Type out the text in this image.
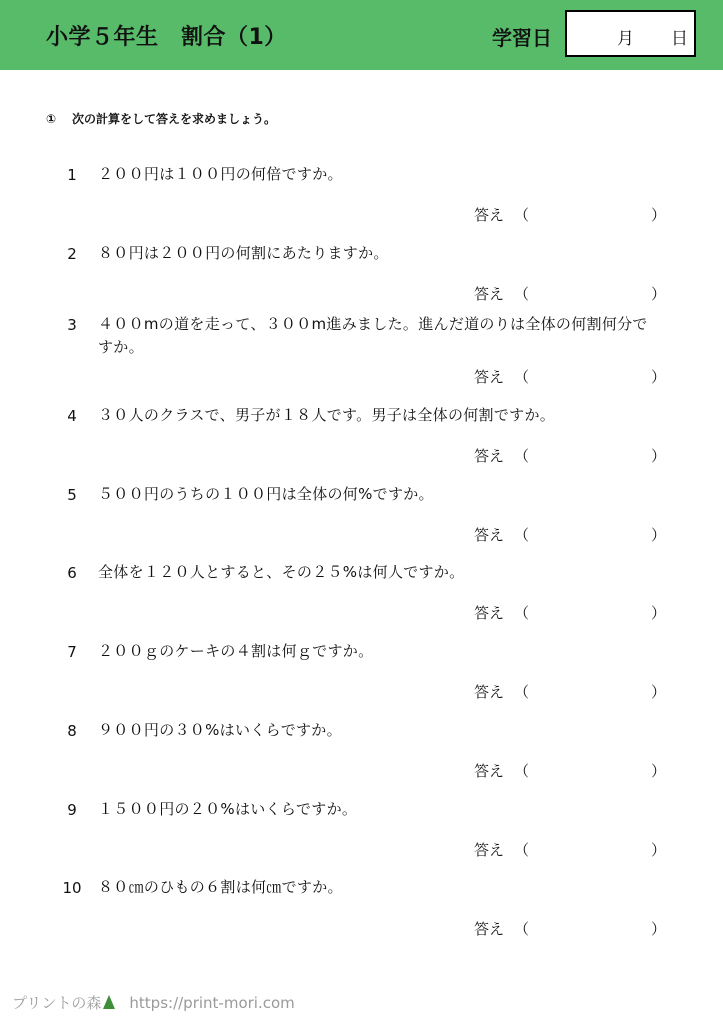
小学５年生　割合（1）	学習日	月 日
① 次の計算をして答えを求めましょう。
1	２００円は１００円の何倍ですか。
答え （	）
2	８０円は２００円の何割にあたりますか。
答え （	）
3	４００mの道を走って、３００m進みました。進んだ道のりは全体の何割何分ですか。
答え （	）
4	３０人のクラスで、男子が１８人です。男子は全体の何割ですか。
答え （	）
5	５００円のうちの１００円は全体の何%ですか。
答え （	）
6	全体を１２０人とすると、その２５%は何人ですか。
答え （	）
7	２００ｇのケーキの４割は何ｇですか。
答え （	）
8	９００円の３０%はいくらですか。
答え （	）
9	１５００円の２０%はいくらですか。
答え （	）
10 ８０㎝のひもの６割は何㎝ですか。
答え （	）
プリントの森 https://print-mori.com
